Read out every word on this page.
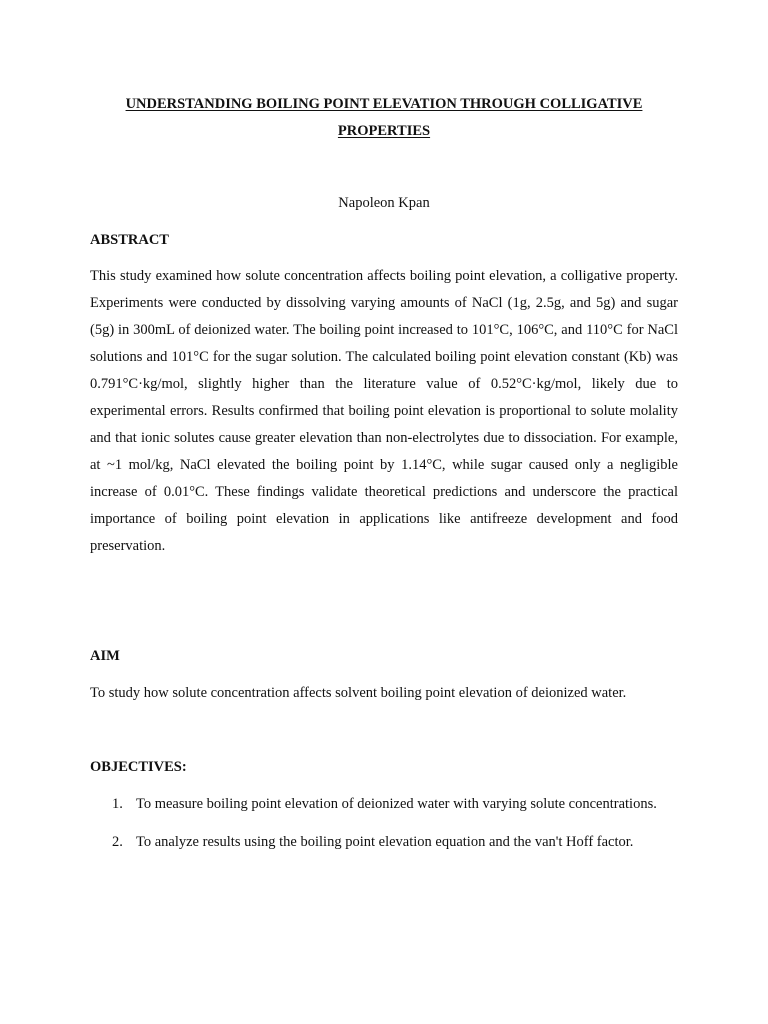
UNDERSTANDING BOILING POINT ELEVATION THROUGH COLLIGATIVE PROPERTIES

Napoleon Kpan

ABSTRACT

This study examined how solute concentration affects boiling point elevation, a colligative property. Experiments were conducted by dissolving varying amounts of NaCl (1g, 2.5g, and 5g) and sugar (5g) in 300mL of deionized water. The boiling point increased to 101°C, 106°C, and 110°C for NaCl solutions and 101°C for the sugar solution. The calculated boiling point elevation constant (Kb) was 0.791°C·kg/mol, slightly higher than the literature value of 0.52°C·kg/mol, likely due to experimental errors. Results confirmed that boiling point elevation is proportional to solute molality and that ionic solutes cause greater elevation than non-electrolytes due to dissociation. For example, at ~1 mol/kg, NaCl elevated the boiling point by 1.14°C, while sugar caused only a negligible increase of 0.01°C. These findings validate theoretical predictions and underscore the practical importance of boiling point elevation in applications like antifreeze development and food preservation.

AIM

To study how solute concentration affects solvent boiling point elevation of deionized water.

OBJECTIVES:
1. To measure boiling point elevation of deionized water with varying solute concentrations.
2. To analyze results using the boiling point elevation equation and the van't Hoff factor.
